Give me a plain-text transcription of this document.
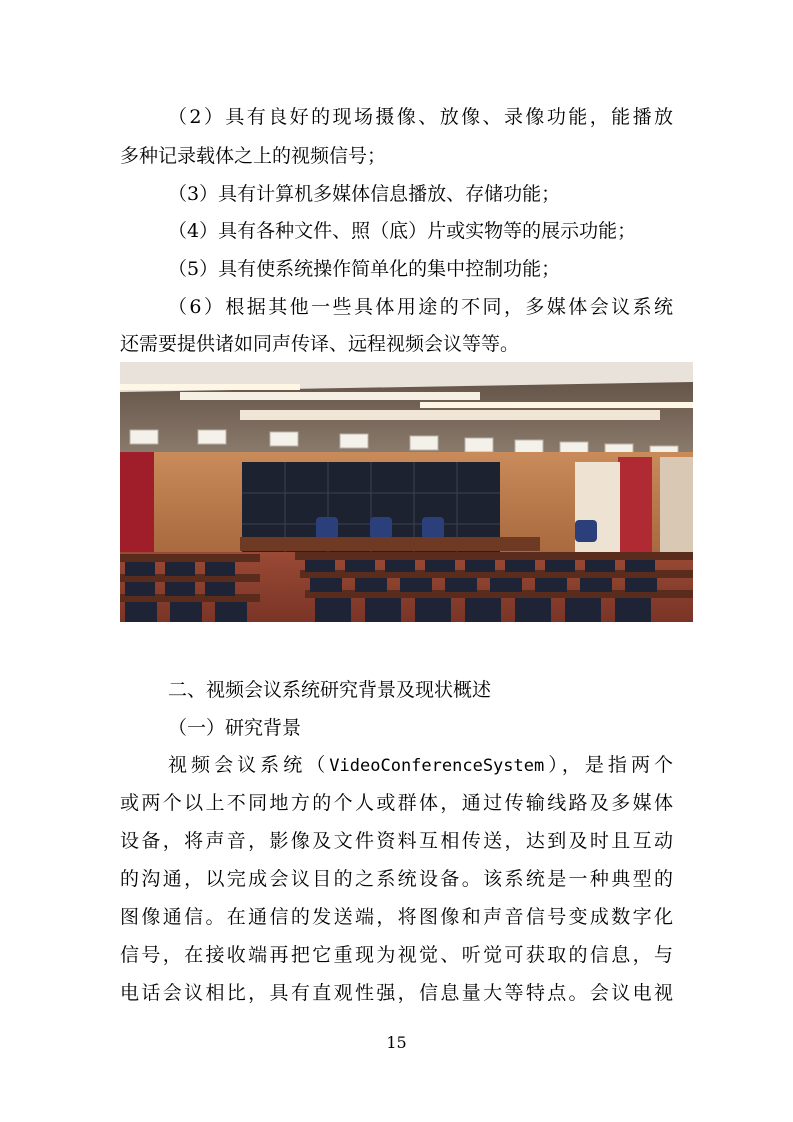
（2）具有良好的现场摄像、放像、录像功能，能播放
多种记录载体之上的视频信号；
（3）具有计算机多媒体信息播放、存储功能；
（4）具有各种文件、照（底）片或实物等的展示功能；
（5）具有使系统操作简单化的集中控制功能；
（6）根据其他一些具体用途的不同，多媒体会议系统
还需要提供诸如同声传译、远程视频会议等等。
二、视频会议系统研究背景及现状概述
（一）研究背景
视频会议系统（VideoConferenceSystem），是指两个
或两个以上不同地方的个人或群体，通过传输线路及多媒体
设备，将声音，影像及文件资料互相传送，达到及时且互动
的沟通，以完成会议目的之系统设备。该系统是一种典型的
图像通信。在通信的发送端，将图像和声音信号变成数字化
信号，在接收端再把它重现为视觉、听觉可获取的信息，与
电话会议相比，具有直观性强，信息量大等特点。会议电视
15
